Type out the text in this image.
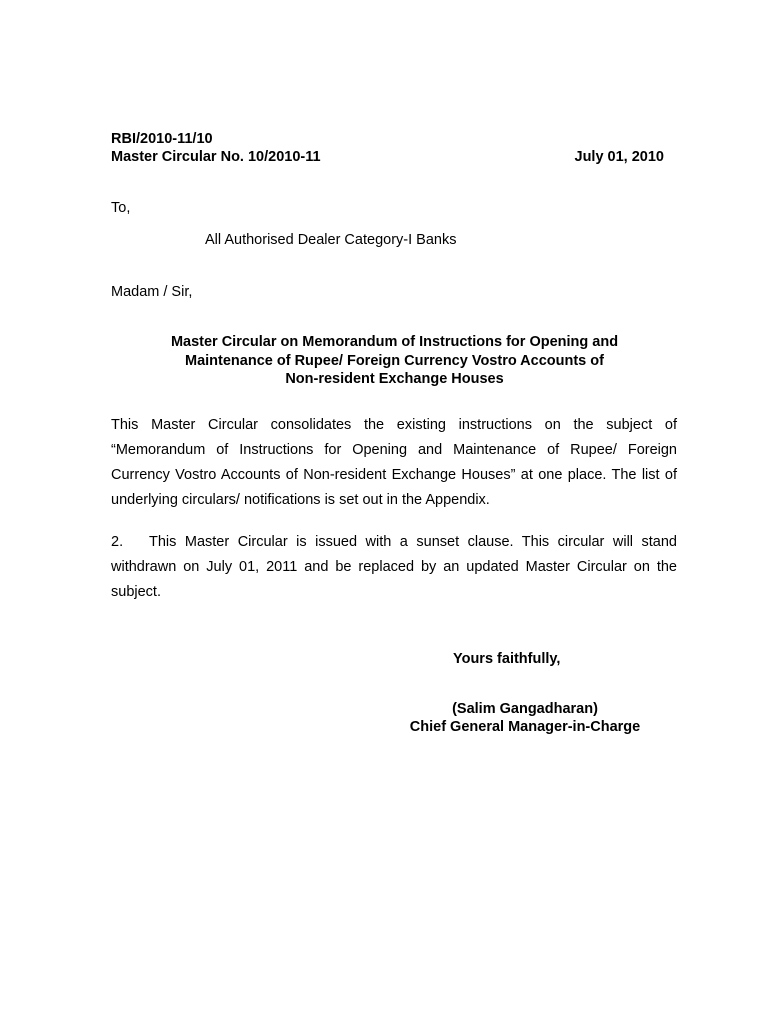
RBI/2010-11/10
Master Circular No. 10/2010-11	July 01, 2010
To,
All Authorised Dealer Category-I Banks
Madam / Sir,
Master Circular on Memorandum of Instructions for Opening and
Maintenance of Rupee/ Foreign Currency Vostro Accounts of
Non-resident Exchange Houses
This Master Circular consolidates the existing instructions on the subject of “Memorandum of Instructions for Opening and Maintenance of Rupee/ Foreign Currency Vostro Accounts of Non-resident Exchange Houses” at one place. The list of underlying circulars/ notifications is set out in the Appendix.
2. This Master Circular is issued with a sunset clause. This circular will stand withdrawn on July 01, 2011 and be replaced by an updated Master Circular on the subject.
Yours faithfully,
(Salim Gangadharan)
Chief General Manager-in-Charge
